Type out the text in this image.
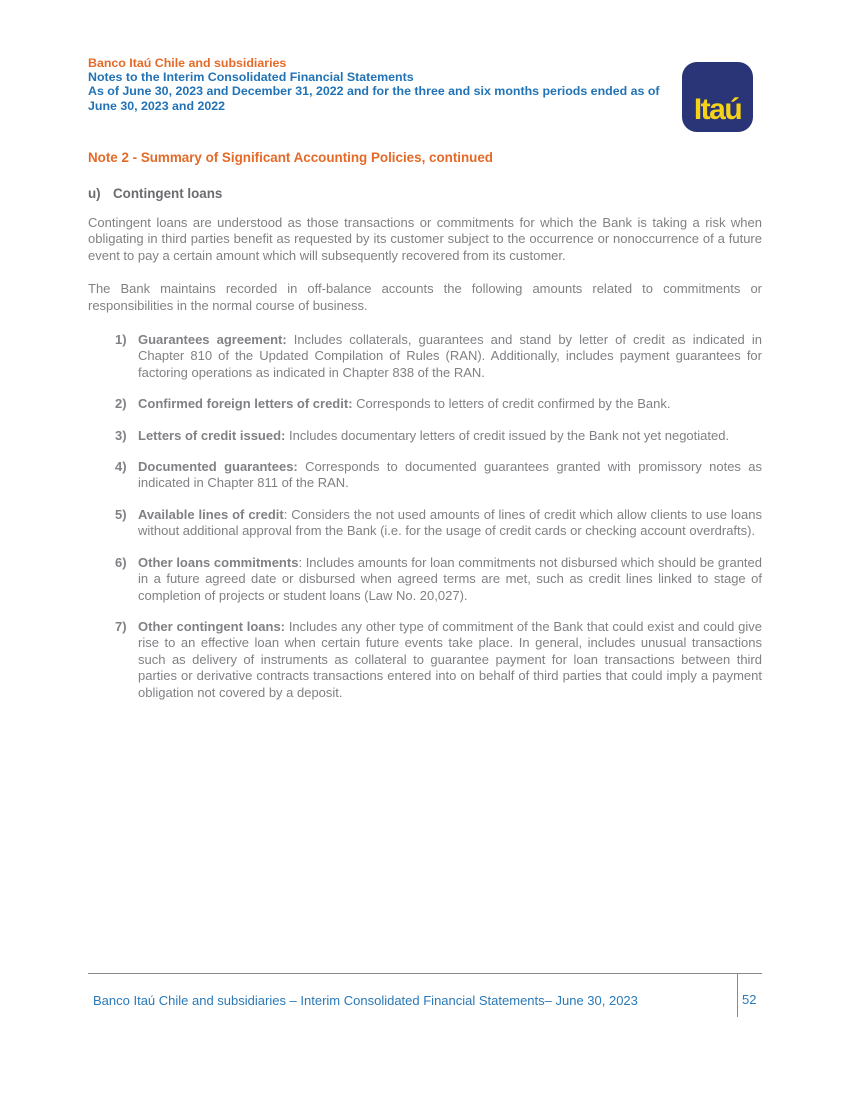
Banco Itaú Chile and subsidiaries
Notes to the Interim Consolidated Financial Statements
As of June 30, 2023 and December 31, 2022 and for the three and six months periods ended as of
June 30, 2023 and 2022	Itaú
Note 2 - Summary of Significant Accounting Policies, continued
u) Contingent loans

Contingent loans are understood as those transactions or commitments for which the Bank is taking a risk when obligating in third parties benefit as requested by its customer subject to the occurrence or nonoccurrence of a future event to pay a certain amount which will subsequently recovered from its customer.

The Bank maintains recorded in off-balance accounts the following amounts related to commitments or responsibilities in the normal course of business.

1) Guarantees agreement: Includes collaterals, guarantees and stand by letter of credit as indicated in Chapter 810 of the Updated Compilation of Rules (RAN). Additionally, includes payment guarantees for factoring operations as indicated in Chapter 838 of the RAN.

2) Confirmed foreign letters of credit: Corresponds to letters of credit confirmed by the Bank.

3) Letters of credit issued: Includes documentary letters of credit issued by the Bank not yet negotiated.

4) Documented guarantees: Corresponds to documented guarantees granted with promissory notes as indicated in Chapter 811 of the RAN.

5) Available lines of credit: Considers the not used amounts of lines of credit which allow clients to use loans without additional approval from the Bank (i.e. for the usage of credit cards or checking account overdrafts).

6) Other loans commitments: Includes amounts for loan commitments not disbursed which should be granted in a future agreed date or disbursed when agreed terms are met, such as credit lines linked to stage of completion of projects or student loans (Law No. 20,027).

7) Other contingent loans: Includes any other type of commitment of the Bank that could exist and could give rise to an effective loan when certain future events take place. In general, includes unusual transactions such as delivery of instruments as collateral to guarantee payment for loan transactions between third parties or derivative contracts transactions entered into on behalf of third parties that could imply a payment obligation not covered by a deposit.

Banco Itaú Chile and subsidiaries – Interim Consolidated Financial Statements– June 30, 2023	52
